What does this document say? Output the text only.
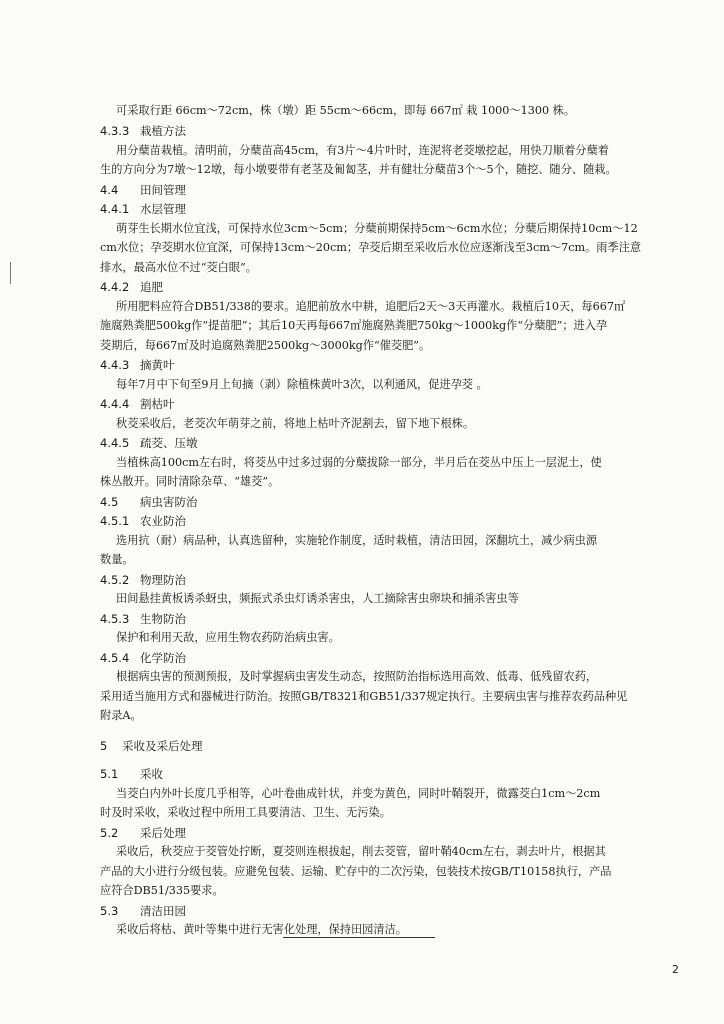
可采取行距 66cm～72cm，株（墩）距 55cm～66cm，即每 667㎡ 栽 1000～1300 株。
4.3.3 栽植方法
用分蘖苗栽植。清明前，分蘖苗高45cm，有3片～4片叶时，连泥将老茭墩挖起，用快刀顺着分蘖着
生的方向分为7墩～12墩，每小墩要带有老茎及匍匐茎，并有健壮分蘖苗3个～5个，随挖、随分、随栽。
4.4 田间管理
4.4.1 水层管理
萌芽生长期水位宜浅，可保持水位3cm～5cm；分蘖前期保持5cm～6cm水位；分蘖后期保持10cm～12
cm水位；孕茭期水位宜深，可保持13cm～20cm；孕茭后期至采收后水位应逐渐浅至3cm～7cm。雨季注意
排水，最高水位不过“茭白眼”。
4.4.2 追肥
所用肥料应符合DB51/338的要求。追肥前放水中耕，追肥后2天～3天再灌水。栽植后10天，每667㎡
施腐熟粪肥500kg作“提苗肥”；其后10天再每667㎡施腐熟粪肥750kg～1000kg作“分蘖肥”；进入孕
茭期后，每667㎡及时追腐熟粪肥2500kg～3000kg作“催茭肥”。
4.4.3 摘黄叶
每年7月中下旬至9月上旬摘（剥）除植株黄叶3次，以利通风，促进孕茭 。
4.4.4 割枯叶
秋茭采收后，老茭次年萌芽之前，将地上枯叶齐泥割去，留下地下根株。
4.4.5 疏茭、压墩
当植株高100cm左右时，将茭丛中过多过弱的分蘖拔除一部分，半月后在茭丛中压上一层泥土，使
株丛散开。同时清除杂草、“雄茭”。
4.5 病虫害防治
4.5.1 农业防治
选用抗（耐）病品种，认真选留种，实施轮作制度，适时栽植，清洁田园，深翻坑土，减少病虫源
数量。
4.5.2 物理防治
田间悬挂黄板诱杀蚜虫，频振式杀虫灯诱杀害虫，人工摘除害虫卵块和捕杀害虫等
4.5.3 生物防治
保护和利用天敌，应用生物农药防治病虫害。
4.5.4 化学防治
根据病虫害的预测预报，及时掌握病虫害发生动态，按照防治指标选用高效、低毒、低残留农药，
采用适当施用方式和器械进行防治。按照GB/T8321和GB51/337规定执行。主要病虫害与推荐农药品种见
附录A。
5 采收及采后处理
5.1 采收
当茭白内外叶长度几乎相等，心叶卷曲成针状，并变为黄色，同时叶鞘裂开，微露茭白1cm～2cm
时及时采收，采收过程中所用工具要清洁、卫生、无污染。
5.2 采后处理
采收后，秋茭应于茭管处拧断，夏茭则连根拔起，削去茭管，留叶鞘40cm左右，剥去叶片，根据其
产品的大小进行分级包装。应避免包装、运输、贮存中的二次污染，包装技术按GB/T10158执行，产品
应符合DB51/335要求。
5.3 清洁田园
采收后将枯、黄叶等集中进行无害化处理，保持田园清洁。
2
